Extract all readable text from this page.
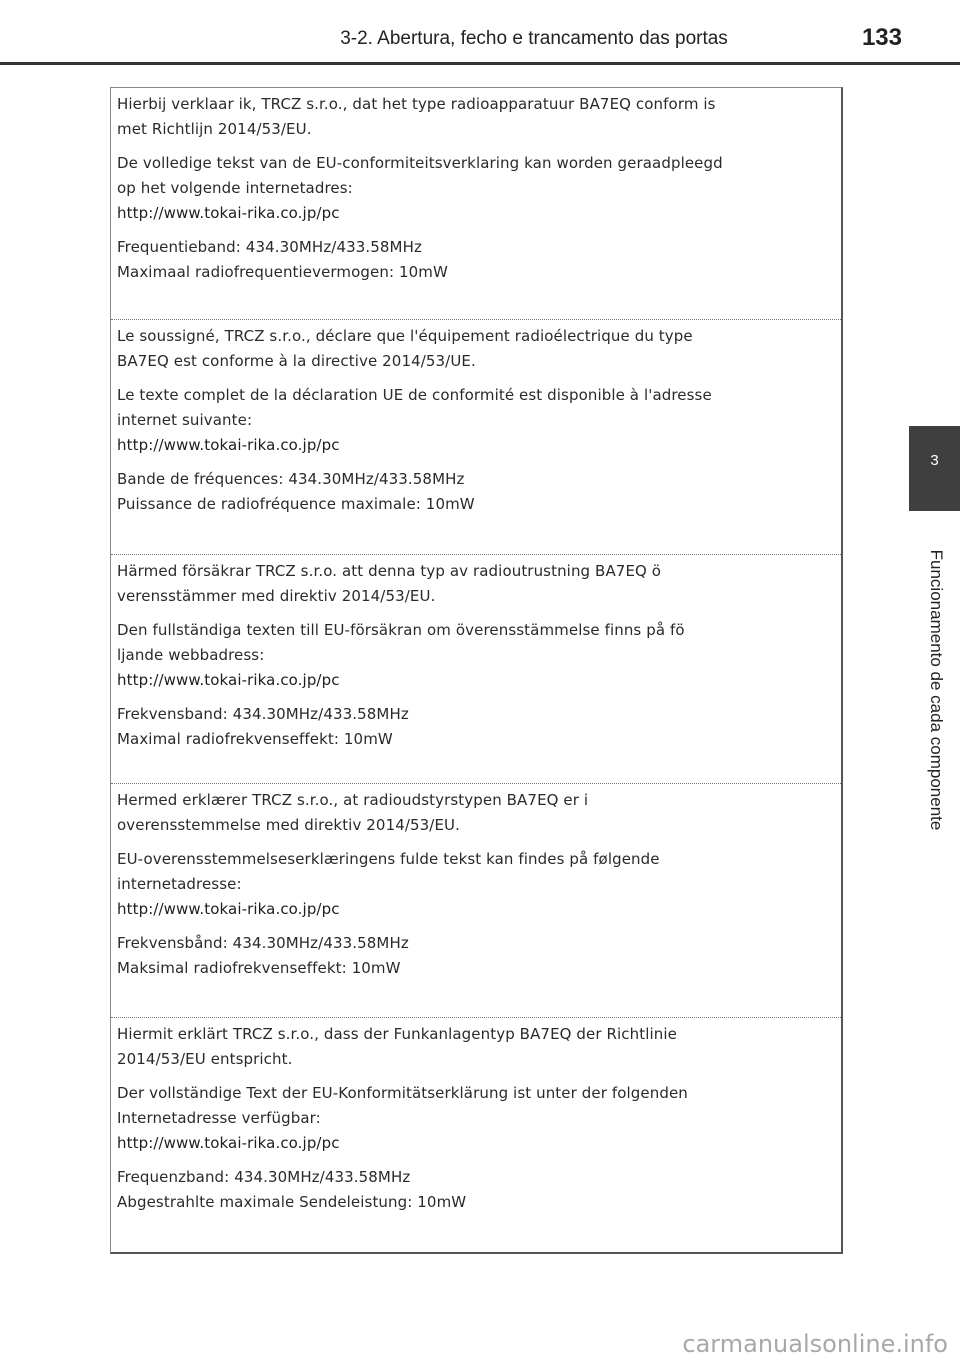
3-2. Abertura, fecho e trancamento das portas	133
3
Funcionamento de cada componente

Hierbij verklaar ik, TRCZ s.r.o., dat het type radioapparatuur BA7EQ conform is
met Richtlijn 2014/53/EU.

De volledige tekst van de EU-conformiteitsverklaring kan worden geraadpleegd
op het volgende internetadres:
http://www.tokai-rika.co.jp/pc

Frequentieband: 434.30MHz/433.58MHz
Maximaal radiofrequentievermogen: 10mW

Le soussigné, TRCZ s.r.o., déclare que l'équipement radioélectrique du type
BA7EQ est conforme à la directive 2014/53/UE.

Le texte complet de la déclaration UE de conformité est disponible à l'adresse
internet suivante:
http://www.tokai-rika.co.jp/pc

Bande de fréquences: 434.30MHz/433.58MHz
Puissance de radiofréquence maximale: 10mW

Härmed försäkrar TRCZ s.r.o. att denna typ av radioutrustning BA7EQ ö
verensstämmer med direktiv 2014/53/EU.

Den fullständiga texten till EU-försäkran om överensstämmelse finns på fö
ljande webbadress:
http://www.tokai-rika.co.jp/pc

Frekvensband: 434.30MHz/433.58MHz
Maximal radiofrekvenseffekt: 10mW

Hermed erklærer TRCZ s.r.o., at radioudstyrstypen BA7EQ er i
overensstemmelse med direktiv 2014/53/EU.

EU-overensstemmelseserklæringens fulde tekst kan findes på følgende
internetadresse:
http://www.tokai-rika.co.jp/pc

Frekvensbånd: 434.30MHz/433.58MHz
Maksimal radiofrekvenseffekt: 10mW

Hiermit erklärt TRCZ s.r.o., dass der Funkanlagentyp BA7EQ der Richtlinie
2014/53/EU entspricht.

Der vollständige Text der EU-Konformitätserklärung ist unter der folgenden
Internetadresse verfügbar:
http://www.tokai-rika.co.jp/pc

Frequenzband: 434.30MHz/433.58MHz
Abgestrahlte maximale Sendeleistung: 10mW

carmanualsonline.info
